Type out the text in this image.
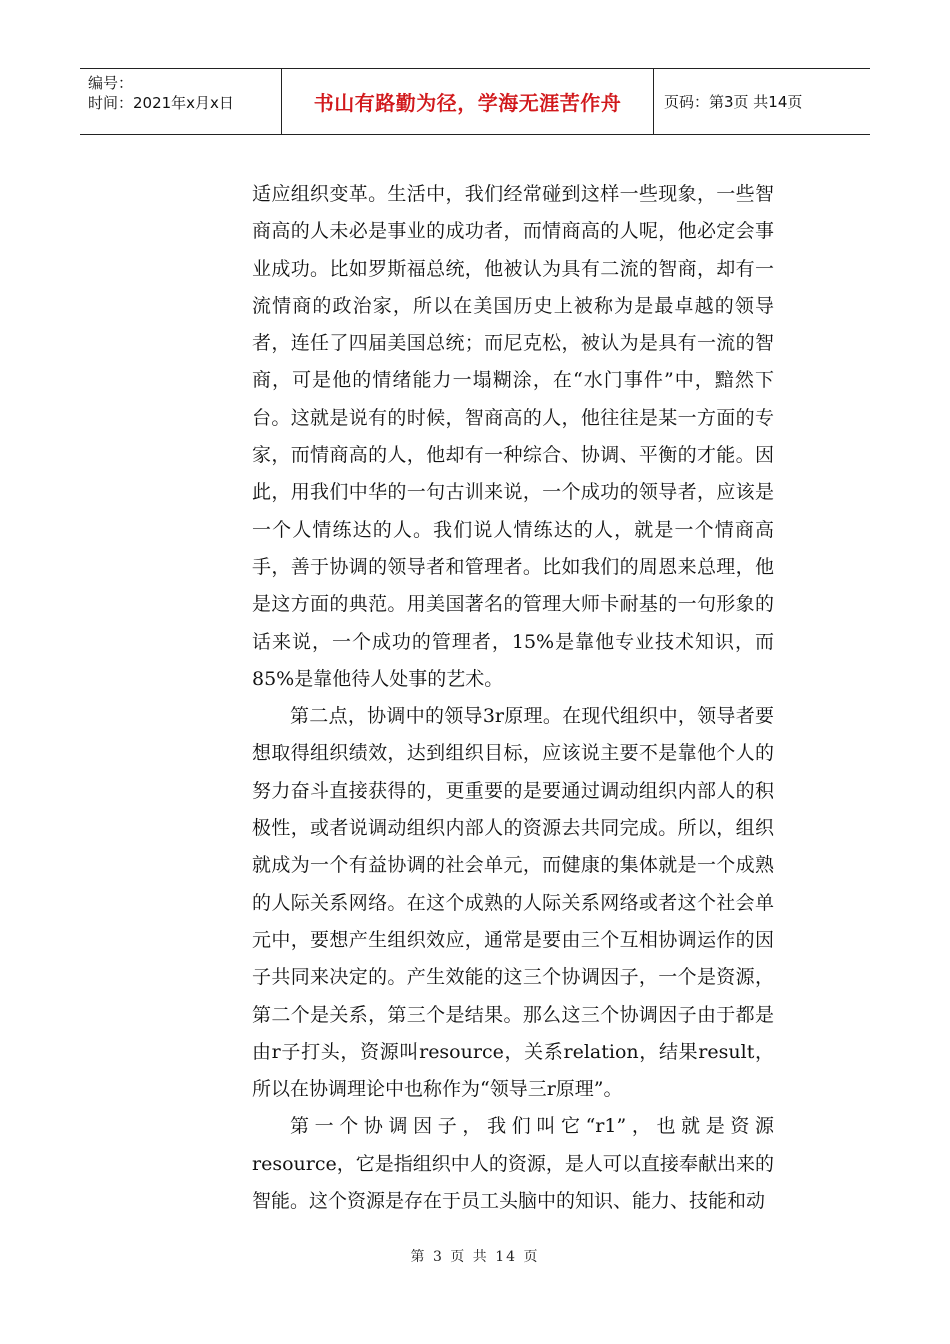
编号：
时间：2021年x月x日	书山有路勤为径，学海无涯苦作舟	页码：第3页 共14页

适应组织变革。生活中，我们经常碰到这样一些现象，一些智商高的人未必是事业的成功者，而情商高的人呢，他必定会事业成功。比如罗斯福总统，他被认为具有二流的智商，却有一流情商的政治家，所以在美国历史上被称为是最卓越的领导者，连任了四届美国总统；而尼克松，被认为是具有一流的智商，可是他的情绪能力一塌糊涂，在“水门事件”中，黯然下台。这就是说有的时候，智商高的人，他往往是某一方面的专家，而情商高的人，他却有一种综合、协调、平衡的才能。因此，用我们中华的一句古训来说，一个成功的领导者，应该是一个人情练达的人。我们说人情练达的人，就是一个情商高手，善于协调的领导者和管理者。比如我们的周恩来总理，他是这方面的典范。用美国著名的管理大师卡耐基的一句形象的话来说，一个成功的管理者，15%是靠他专业技术知识，而85%是靠他待人处事的艺术。

第二点，协调中的领导3r原理。在现代组织中，领导者要想取得组织绩效，达到组织目标，应该说主要不是靠他个人的努力奋斗直接获得的，更重要的是要通过调动组织内部人的积极性，或者说调动组织内部人的资源去共同完成。所以，组织就成为一个有益协调的社会单元，而健康的集体就是一个成熟的人际关系网络。在这个成熟的人际关系网络或者这个社会单元中，要想产生组织效应，通常是要由三个互相协调运作的因子共同来决定的。产生效能的这三个协调因子，一个是资源，第二个是关系，第三个是结果。那么这三个协调因子由于都是由r子打头，资源叫resource，关系relation，结果result，所以在协调理论中也称作为“领导三r原理”。

第一个协调因子，我们叫它“r1”，也就是资源resource，它是指组织中人的资源，是人可以直接奉献出来的智能。这个资源是存在于员工头脑中的知识、能力、技能和动

第 3 页 共 14 页
